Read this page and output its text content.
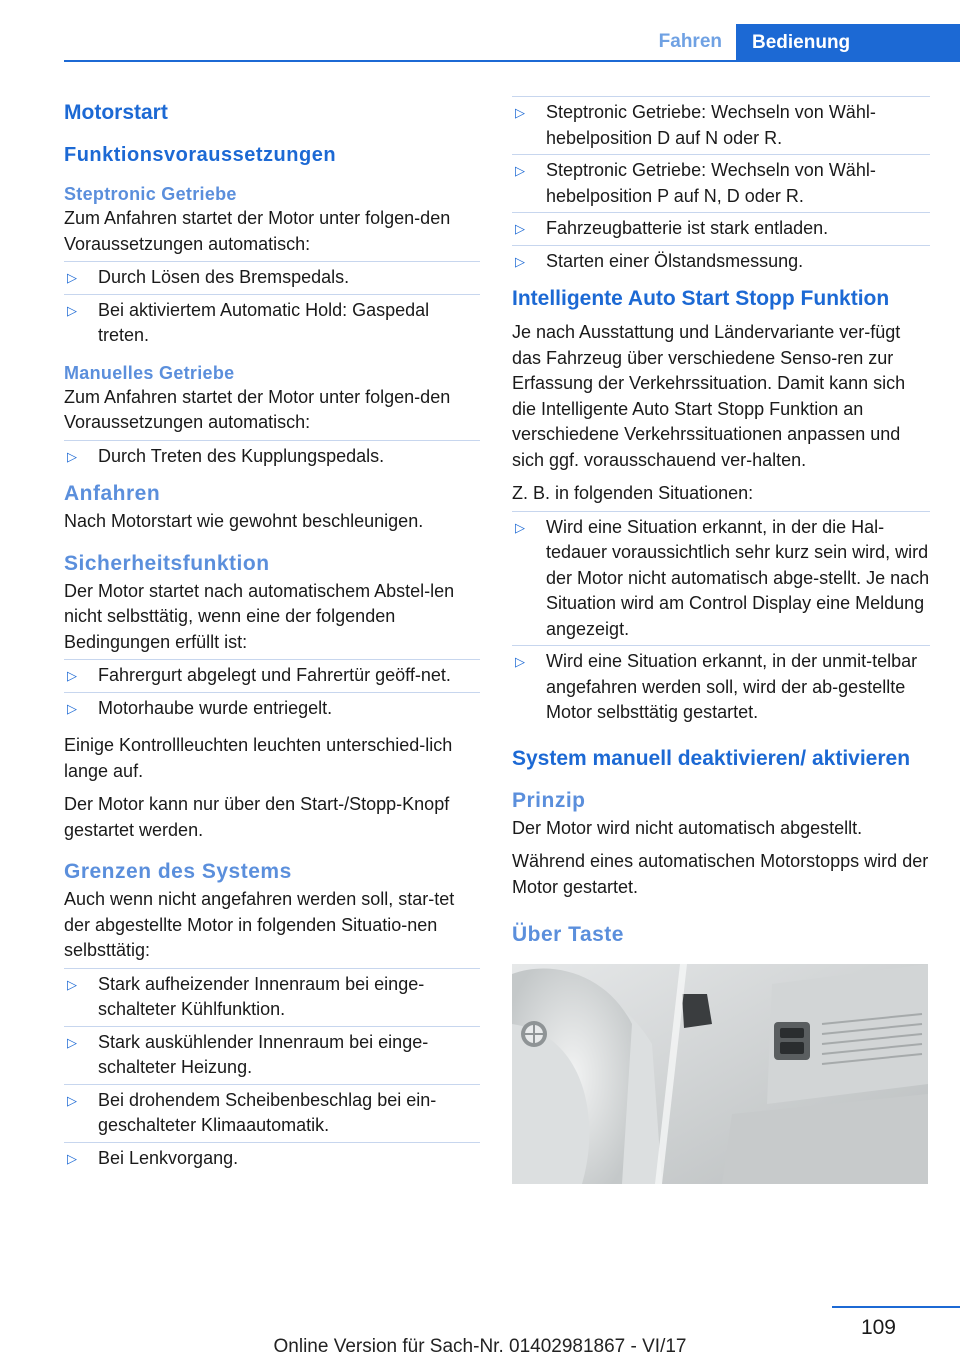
Fahren	Bedienung
Motorstart
Funktionsvoraussetzungen
Steptronic Getriebe

Zum Anfahren startet der Motor unter folgen-den Voraussetzungen automatisch:

▷ Durch Lösen des Bremspedals.
▷ Bei aktiviertem Automatic Hold: Gaspedal treten.
Manuelles Getriebe

Zum Anfahren startet der Motor unter folgen-den Voraussetzungen automatisch:

▷ Durch Treten des Kupplungspedals.
Anfahren

Nach Motorstart wie gewohnt beschleunigen.

Sicherheitsfunktion

Der Motor startet nach automatischem Abstel-len nicht selbsttätig, wenn eine der folgenden Bedingungen erfüllt ist:

▷ Fahrergurt abgelegt und Fahrertür geöff-net.
▷ Motorhaube wurde entriegelt.

Einige Kontrollleuchten leuchten unterschied-lich lange auf.

Der Motor kann nur über den Start-/Stopp-Knopf gestartet werden.

Grenzen des Systems

Auch wenn nicht angefahren werden soll, star-tet der abgestellte Motor in folgenden Situatio-nen selbsttätig:

▷ Stark aufheizender Innenraum bei einge-schalteter Kühlfunktion.
▷ Stark auskühlender Innenraum bei einge-schalteter Heizung.
▷ Bei drohendem Scheibenbeschlag bei ein-geschalteter Klimaautomatik.
▷ Bei Lenkvorgang.
▷ Steptronic Getriebe: Wechseln von Wähl-hebelposition D auf N oder R.
▷ Steptronic Getriebe: Wechseln von Wähl-hebelposition P auf N, D oder R.
▷ Fahrzeugbatterie ist stark entladen.
▷ Starten einer Ölstandsmessung.
Intelligente Auto Start Stopp Funktion

Je nach Ausstattung und Ländervariante ver-fügt das Fahrzeug über verschiedene Senso-ren zur Erfassung der Verkehrssituation. Damit kann sich die Intelligente Auto Start Stopp Funktion an verschiedene Verkehrssituationen anpassen und sich ggf. vorausschauend ver-halten.

Z. B. in folgenden Situationen:

▷ Wird eine Situation erkannt, in der die Hal-tedauer voraussichtlich sehr kurz sein wird, wird der Motor nicht automatisch abge-stellt. Je nach Situation wird am Control Display eine Meldung angezeigt.
▷ Wird eine Situation erkannt, in der unmit-telbar angefahren werden soll, wird der ab-gestellte Motor selbsttätig gestartet.
System manuell deaktivieren/ aktivieren
Prinzip

Der Motor wird nicht automatisch abgestellt.

Während eines automatischen Motorstopps wird der Motor gestartet.

Über Taste
109
Online Version für Sach-Nr. 01402981867 - VI/17
